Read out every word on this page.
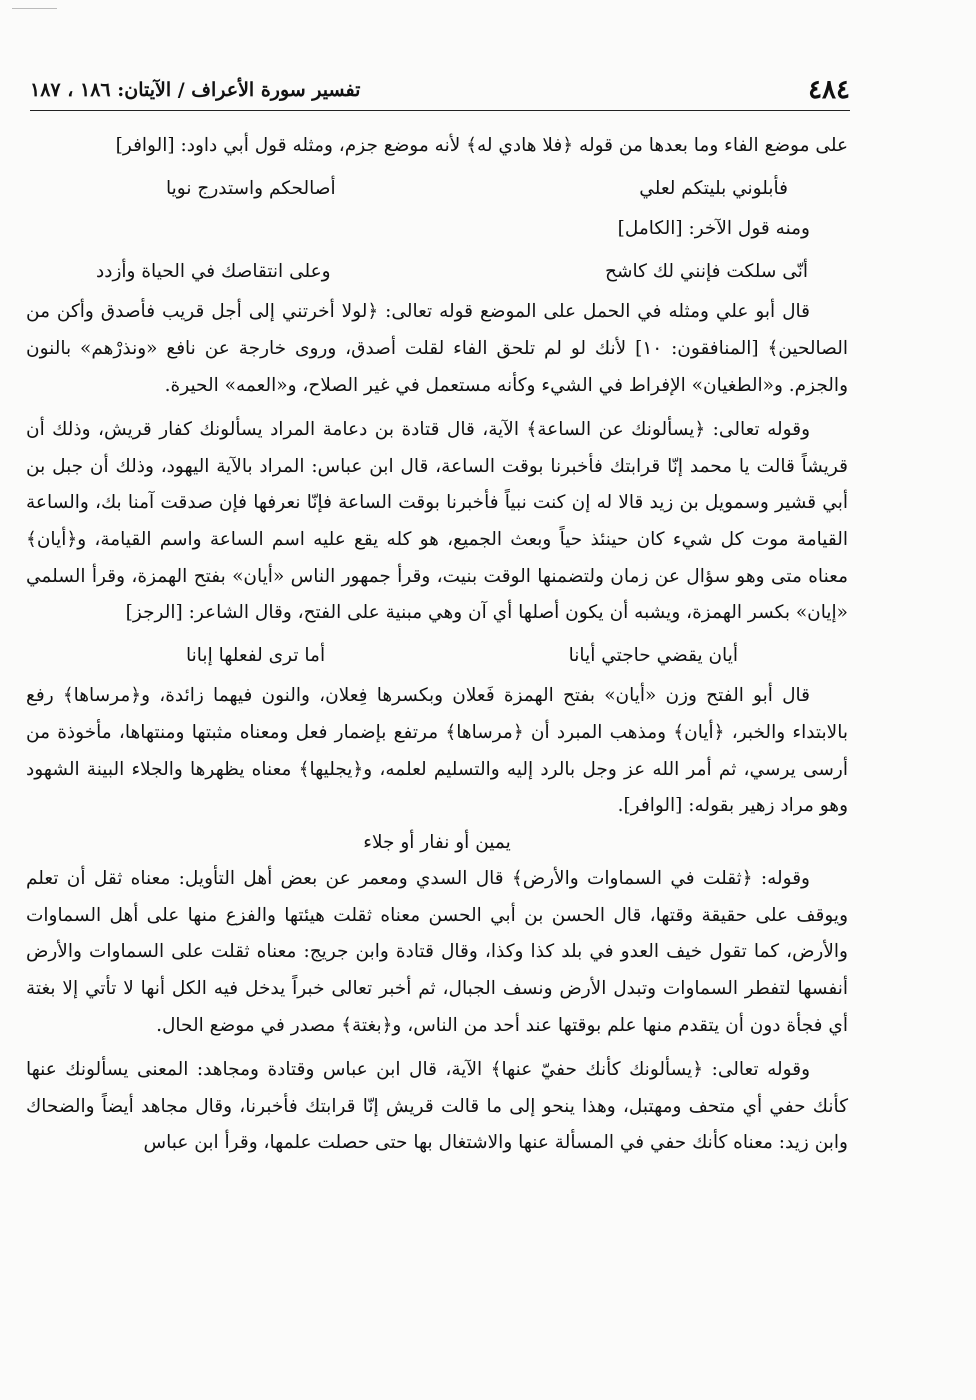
٤٨٤
تفسير سورة الأعراف / الآيتان: ١٨٦ ، ١٨٧

على موضع الفاء وما بعدها من قوله ﴿فلا هادي له﴾ لأنه موضع جزم، ومثله قول أبي داود: [الوافر]

فأبلوني بليتكم لعلي
أصالحكم واستدرج نويا

ومنه قول الآخر: [الكامل]

أنّى سلكت فإنني لك كاشح
وعلى انتقاصك في الحياة وأزدد

قال أبو علي ومثله في الحمل على الموضع قوله تعالى: ﴿لولا أخرتني إلى أجل قريب فأصدق وأكن من الصالحين﴾ [المنافقون: ١٠] لأنك لو لم تلحق الفاء لقلت أصدق، وروى خارجة عن نافع «ونذرْهم» بالنون والجزم. و«الطغيان» الإفراط في الشيء وكأنه مستعمل في غير الصلاح، و«العمه» الحيرة.

وقوله تعالى: ﴿يسألونك عن الساعة﴾ الآية، قال قتادة بن دعامة المراد يسألونك كفار قريش، وذلك أن قريشاً قالت يا محمد إنّا قرابتك فأخبرنا بوقت الساعة، قال ابن عباس: المراد بالآية اليهود، وذلك أن جبل بن أبي قشير وسمويل بن زيد قالا له إن كنت نبياً فأخبرنا بوقت الساعة فإنّا نعرفها فإن صدقت آمنا بك، والساعة القيامة موت كل شيء كان حينئذ حياً وبعث الجميع، هو كله يقع عليه اسم الساعة واسم القيامة، و﴿أيان﴾ معناه متى وهو سؤال عن زمان ولتضمنها الوقت بنيت، وقرأ جمهور الناس «أيان» بفتح الهمزة، وقرأ السلمي «إيان» بكسر الهمزة، ويشبه أن يكون أصلها أي آن وهي مبنية على الفتح، وقال الشاعر: [الرجز]

أيان يقضي حاجتي أيانا
أما ترى لفعلها إبانا

قال أبو الفتح وزن «أيان» بفتح الهمزة فَعلان وبكسرها فِعلان، والنون فيهما زائدة، و﴿مرساها﴾ رفع بالابتداء والخبر، ﴿أيان﴾ ومذهب المبرد أن ﴿مرساها﴾ مرتفع بإضمار فعل ومعناه مثبتها ومنتهاها، مأخوذة من أرسى يرسي، ثم أمر الله عز وجل بالرد إليه والتسليم لعلمه، و﴿يجليها﴾ معناه يظهرها والجلاء البينة الشهود وهو مراد زهير بقوله: [الوافر].

يمين أو نفار أو جلاء

وقوله: ﴿ثقلت في السماوات والأرض﴾ قال السدي ومعمر عن بعض أهل التأويل: معناه ثقل أن تعلم ويوقف على حقيقة وقتها، قال الحسن بن أبي الحسن معناه ثقلت هيئتها والفزع منها على أهل السماوات والأرض، كما تقول خيف العدو في بلد كذا وكذا، وقال قتادة وابن جريج: معناه ثقلت على السماوات والأرض أنفسها لتفطر السماوات وتبدل الأرض ونسف الجبال، ثم أخبر تعالى خبراً يدخل فيه الكل أنها لا تأتي إلا بغتة أي فجأة دون أن يتقدم منها علم بوقتها عند أحد من الناس، و﴿بغتة﴾ مصدر في موضع الحال.

وقوله تعالى: ﴿يسألونك كأنك حفيّ عنها﴾ الآية، قال ابن عباس وقتادة ومجاهد: المعنى يسألونك عنها كأنك حفي أي متحف ومهتبل، وهذا ينحو إلى ما قالت قريش إنّا قرابتك فأخبرنا، وقال مجاهد أيضاً والضحاك وابن زيد: معناه كأنك حفي في المسألة عنها والاشتغال بها حتى حصلت علمها، وقرأ ابن عباس
